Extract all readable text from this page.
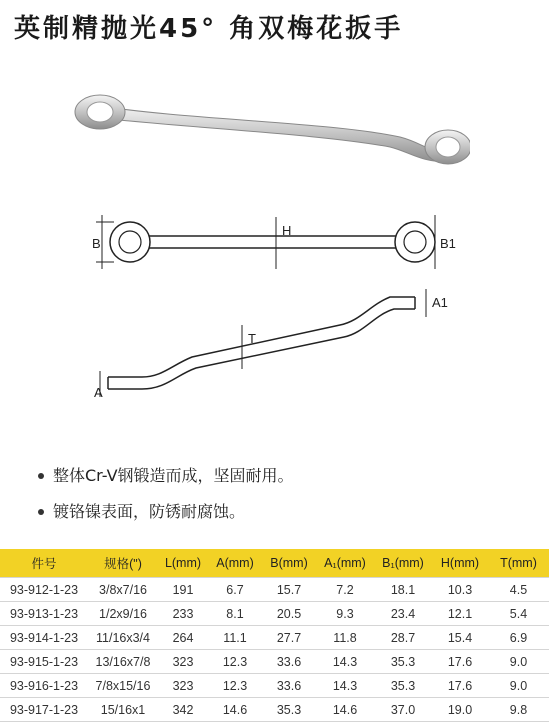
英制精抛光45° 角双梅花扳手
B
H
B1
A
T
A1
整体Cr-V钢锻造而成，坚固耐用。
镀铬镍表面，防锈耐腐蚀。
件号	规格(")	L(mm)	A(mm)	B(mm)	A₁(mm)	B₁(mm)	H(mm)	T(mm)
93-912-1-23	3/8x7/16	191	6.7	15.7	7.2	18.1	10.3	4.5
93-913-1-23	1/2x9/16	233	8.1	20.5	9.3	23.4	12.1	5.4
93-914-1-23	11/16x3/4	264	11.1	27.7	11.8	28.7	15.4	6.9
93-915-1-23	13/16x7/8	323	12.3	33.6	14.3	35.3	17.6	9.0
93-916-1-23	7/8x15/16	323	12.3	33.6	14.3	35.3	17.6	9.0
93-917-1-23	15/16x1	342	14.6	35.3	14.6	37.0	19.0	9.8
